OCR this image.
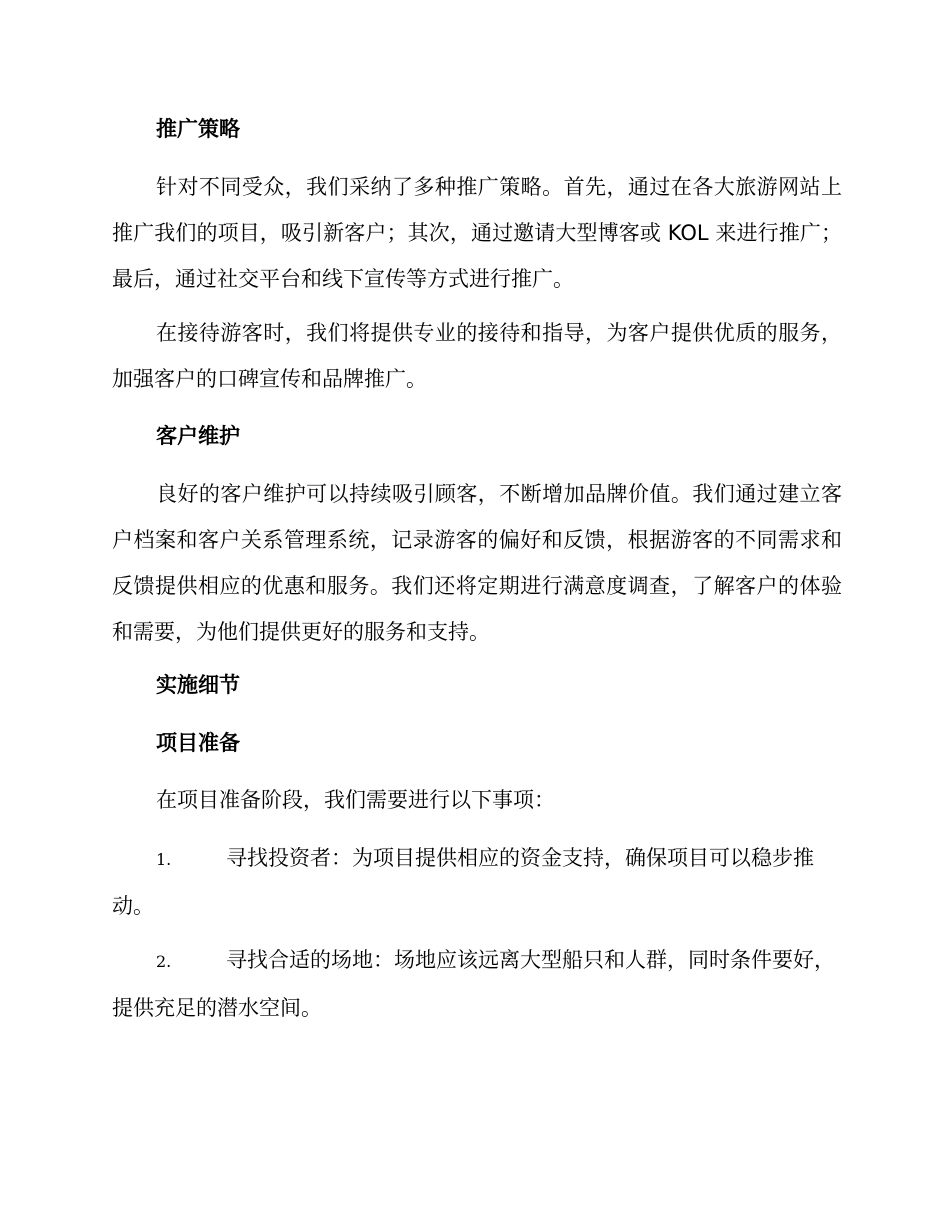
推广策略

针对不同受众，我们采纳了多种推广策略。首先，通过在各大旅游网站上推广我们的项目，吸引新客户；其次，通过邀请大型博客或 KOL 来进行推广；最后，通过社交平台和线下宣传等方式进行推广。

在接待游客时，我们将提供专业的接待和指导，为客户提供优质的服务，加强客户的口碑宣传和品牌推广。

客户维护

良好的客户维护可以持续吸引顾客，不断增加品牌价值。我们通过建立客户档案和客户关系管理系统，记录游客的偏好和反馈，根据游客的不同需求和反馈提供相应的优惠和服务。我们还将定期进行满意度调查，了解客户的体验和需要，为他们提供更好的服务和支持。

实施细节

项目准备

在项目准备阶段，我们需要进行以下事项：

1.	寻找投资者：为项目提供相应的资金支持，确保项目可以稳步推动。

2.	寻找合适的场地：场地应该远离大型船只和人群，同时条件要好，提供充足的潜水空间。
